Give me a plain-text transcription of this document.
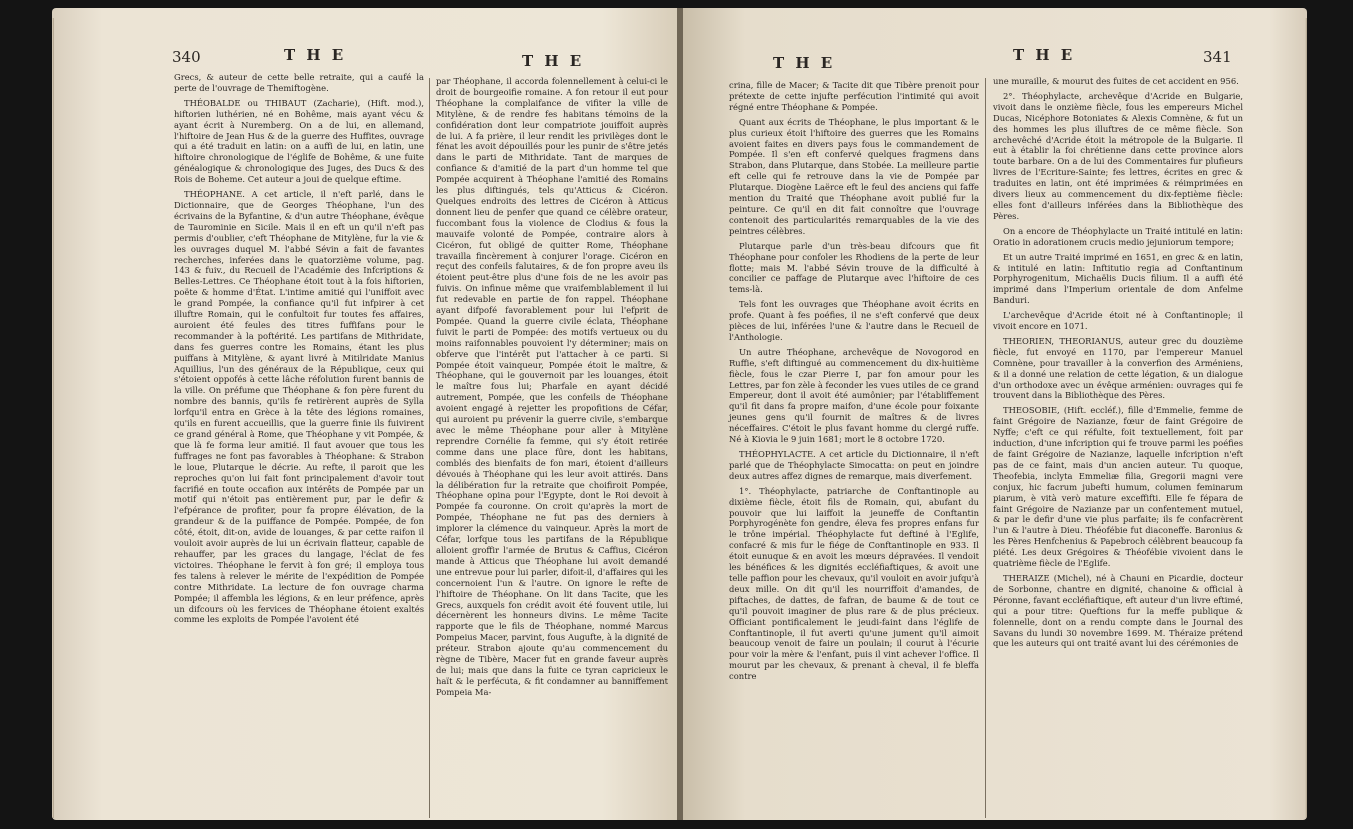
340	T H E	T H E

Grecs, & auteur de cette belle retraite, qui a caufé la perte de l'ouvrage de Themiftogène.

THÉOBALDE ou THIBAUT (Zacharie), (Hift. mod.), hiftorien luthérien, né en Bohême, mais ayant vécu & ayant écrit à Nuremberg. On a de lui, en allemand, l'hiftoire de Jean Hus & de la guerre des Huffites, ouvrage qui a été traduit en latin: on a auffi de lui, en latin, une hiftoire chronologique de l'églife de Bohême, & une fuite généalogique & chronologique des Juges, des Ducs & des Rois de Boheme. Cet auteur a joui de quelque eftime.

THÉOPHANE. A cet article, il n'eft parlé, dans le Dictionnaire, que de Georges Théophane, l'un des écrivains de la Byfantine, & d'un autre Théophane, évêque de Taurominie en Sicile. Mais il en eft un qu'il n'eft pas permis d'oublier, c'eft Théophane de Mitylène, fur la vie & les ouvrages duquel M. l'abbé Sévin a fait de favantes recherches, inferées dans le quatorzième volume, pag. 143 & fuiv., du Recueil de l'Académie des Infcriptions & Belles-Lettres. Ce Théophane étoit tout à la fois hiftorien, poëte & homme d'État. L'intime amitié qui l'uniffoit avec le grand Pompée, la confiance qu'il fut infpirer à cet illuftre Romain, qui le confultoit fur toutes fes affaires, auroient été feules des titres fuffifans pour le recommander à la poftérité. Les partifans de Mithridate, dans fes guerres contre les Romains, étant les plus puiffans à Mitylène, & ayant livré à Mitilridate Manius Aquillius, l'un des généraux de la République, ceux qui s'étoient oppofés à cette lâche réfolution furent bannis de la ville. On préfume que Théophane & fon père furent du nombre des bannis, qu'ils fe retirèrent auprès de Sylla lorfqu'il entra en Grèce à la tête des légions romaines, qu'ils en furent accueillis, que la guerre finie ils fuivirent ce grand général à Rome, que Théophane y vit Pompée, & que là fe forma leur amitié. Il faut avouer que tous les fuffrages ne font pas favorables à Théophane: & Strabon le loue, Plutarque le décrie. Au refte, il paroit que les reproches qu'on lui fait font principalement d'avoir tout facrifié en toute occafion aux intérêts de Pompée par un motif qui n'étoit pas entièrement pur, par le defir & l'efpérance de profiter, pour fa propre élévation, de la grandeur & de la puiffance de Pompée. Pompée, de fon côté, étoit, dit-on, avide de louanges, & par cette raifon il vouloit avoir auprès de lui un écrivain flatteur, capable de rehauffer, par les graces du langage, l'éclat de fes victoires. Théophane le fervit à fon gré; il employa tous fes talens à relever le mérite de l'expédition de Pompée contre Mithridate. La lecture de fon ouvrage charma Pompée; il affembla les légions, & en leur préfence, après un difcours où les fervices de Théophane étoient exaltés comme les exploits de Pompée l'avoient été

par Théophane, il accorda folennellement à celui-ci le droit de bourgeoifie romaine. A fon retour il eut pour Théophane la complaifance de vifiter la ville de Mitylène, & de rendre fes habitans témoins de la confidération dont leur compatriote jouiffoit auprès de lui. A fa prière, il leur rendit les privilèges dont le fénat les avoit dépouillés pour les punir de s'être jetés dans le parti de Mithridate. Tant de marques de confiance & d'amitié de la part d'un homme tel que Pompée acquirent à Théophane l'amitié des Romains les plus diftingués, tels qu'Atticus & Cicéron. Quelques endroits des lettres de Cicéron à Atticus donnent lieu de penfer que quand ce célèbre orateur, fuccombant fous la violence de Clodius & fous la mauvaife volonté de Pompée, contraire alors à Cicéron, fut obligé de quitter Rome, Théophane travailla fincèrement à conjurer l'orage. Cicéron en reçut des confeils falutaires, & de fon propre aveu ils étoient peut-être plus d'une fois de ne les avoir pas fuivis. On infinue même que vraifemblablement il lui fut redevable en partie de fon rappel. Théophane ayant difpofé favorablement pour lui l'efprit de Pompée. Quand la guerre civile éclata, Théophane fuivit le parti de Pompée: des motifs vertueux ou du moins raifonnables pouvoient l'y déterminer; mais on obferve que l'intérêt put l'attacher à ce parti. Si Pompée étoit vainqueur, Pompée étoit le maître, & Théophane, qui le gouvernoit par les louanges, étoit le maître fous lui; Pharfale en ayant décidé autrement, Pompée, que les confeils de Théophane avoient engagé à rejetter les propofitions de Céfar, qui auroient pu prévenir la guerre civile, s'embarque avec le même Théophane pour aller à Mitylène reprendre Cornélie fa femme, qui s'y étoit retirée comme dans une place fûre, dont les habitans, comblés des bienfaits de fon mari, étoient d'ailleurs dévoués à Théophane qui les leur avoit attirés. Dans la délibération fur la retraite que choifiroit Pompée, Théophane opina pour l'Egypte, dont le Roi devoit à Pompée fa couronne. On croit qu'après la mort de Pompée, Théophane ne fut pas des derniers à implorer la clémence du vainqueur. Après la mort de Céfar, lorfque tous les partifans de la République alloient groffir l'armée de Brutus & Caffius, Cicéron mande à Atticus que Théophane lui avoit demandé une entrevue pour lui parler, difoit-il, d'affaires qui les concernoient l'un & l'autre. On ignore le refte de l'hiftoire de Théophane. On lit dans Tacite, que les Grecs, auxquels fon crédit avoit été fouvent utile, lui décernèrent les honneurs divins. Le même Tacite rapporte que le fils de Théophane, nommé Marcus Pompeius Macer, parvint, fous Augufte, à la dignité de préteur. Strabon ajoute qu'au commencement du règne de Tibère, Macer fut en grande faveur auprès de lui; mais que dans la fuite ce tyran capricieux le haït & le perfécuta, & fit condamner au banniffement Pompeia Ma-

T H E	T H E	341

crina, fille de Macer; & Tacite dit que Tibère prenoit pour prétexte de cette injufte perfécution l'intimité qui avoit régné entre Théophane & Pompée.

Quant aux écrits de Théophane, le plus important & le plus curieux étoit l'hiftoire des guerres que les Romains avoient faites en divers pays fous le commandement de Pompée. Il s'en eft confervé quelques fragmens dans Strabon, dans Plutarque, dans Stobée. La meilleure partie eft celle qui fe retrouve dans la vie de Pompée par Plutarque. Diogène Laërce eft le feul des anciens qui faffe mention du Traité que Théophane avoit publié fur la peinture. Ce qu'il en dit fait connoître que l'ouvrage contenoit des particularités remarquables de la vie des peintres célèbres.

Plutarque parle d'un très-beau difcours que fit Théophane pour confoler les Rhodiens de la perte de leur flotte; mais M. l'abbé Sévin trouve de la difficulté à concilier ce paffage de Plutarque avec l'hiftoire de ces tems-là.

Tels font les ouvrages que Théophane avoit écrits en profe. Quant à fes poéfies, il ne s'eft confervé que deux pièces de lui, inférées l'une & l'autre dans le Recueil de l'Anthologie.

Un autre Théophane, archevêque de Novogorod en Ruffie, s'eft diftingué au commencement du dix-huitième fiècle, fous le czar Pierre I, par fon amour pour les Lettres, par fon zèle à feconder les vues utiles de ce grand Empereur, dont il avoit été aumônier; par l'établiffement qu'il fit dans fa propre maifon, d'une école pour foixante jeunes gens qu'il fournit de maîtres & de livres néceffaires. C'étoit le plus favant homme du clergé ruffe. Né à Kiovia le 9 juin 1681; mort le 8 octobre 1720.

THÉOPHYLACTE. A cet article du Dictionnaire, il n'eft parlé que de Théophylacte Simocatta: on peut en joindre deux autres affez dignes de remarque, mais diverfement.

1°. Théophylacte, patriarche de Conftantinople au dixième fiècle, étoit fils de Romain, qui, abufant du pouvoir que lui laiffoit la jeuneffe de Conftantin Porphyrogénète fon gendre, éleva fes propres enfans fur le trône impérial. Théophylacte fut deftiné à l'Eglife, confacré & mis fur le fiége de Conftantinople en 933. Il étoit eunuque & en avoit les mœurs dépravées. Il vendoit les bénéfices & les dignités eccléfiaftiques, & avoit une telle paffion pour les chevaux, qu'il vouloit en avoir jufqu'à deux mille. On dit qu'il les nourriffoit d'amandes, de piftaches, de dattes, de fafran, de baume & de tout ce qu'il pouvoit imaginer de plus rare & de plus précieux. Officiant pontificalement le jeudi-faint dans l'églife de Conftantinople, il fut averti qu'une jument qu'il aimoit beaucoup venoit de faire un poulain; il courut à l'écurie pour voir la mère & l'enfant, puis il vint achever l'office. Il mourut par les chevaux, & prenant à cheval, il fe bleffa contre

une muraille, & mourut des fuites de cet accident en 956.

2°. Théophylacte, archevêque d'Acride en Bulgarie, vivoit dans le onzième fiècle, fous les empereurs Michel Ducas, Nicéphore Botoniates & Alexis Comnène, & fut un des hommes les plus illuftres de ce même fiècle. Son archevêché d'Acride étoit la métropole de la Bulgarie. Il eut à établir la foi chrétienne dans cette province alors toute barbare. On a de lui des Commentaires fur plufieurs livres de l'Ecriture-Sainte; fes lettres, écrites en grec & traduites en latin, ont été imprimées & réimprimées en divers lieux au commencement du dix-feptième fiècle: elles font d'ailleurs inférées dans la Bibliothèque des Pères.

On a encore de Théophylacte un Traité intitulé en latin: Oratio in adorationem crucis medio jejuniorum tempore;

Et un autre Traité imprimé en 1651, en grec & en latin, & intitulé en latin: Inftitutio regia ad Conftantinum Porphyrogenitum, Michaëlis Ducis filium. Il a auffi été imprimé dans l'Imperium orientale de dom Anfelme Banduri.

L'archevêque d'Acride étoit né à Conftantinople; il vivoit encore en 1071.

THEORIEN, THEORIANUS, auteur grec du douzième fiècle, fut envoyé en 1170, par l'empereur Manuel Comnène, pour travailler à la converfion des Arméniens, & il a donné une relation de cette légation, & un dialogue d'un orthodoxe avec un évêque arménien: ouvrages qui fe trouvent dans la Bibliothèque des Pères.

THEOSOBIE, (Hift. eccléf.), fille d'Emmelie, femme de faint Grégoire de Nazianze, fœur de faint Grégoire de Nyffe; c'eft ce qui réfulte, foit textuellement, foit par induction, d'une infcription qui fe trouve parmi les poéfies de faint Grégoire de Nazianze, laquelle infcription n'eft pas de ce faint, mais d'un ancien auteur. Tu quoque, Theofebia, inclyta Emmeliæ filia, Gregorii magni vere conjux, hic facrum jubefti humum, columen feminarum piarum, è vità verò mature exceffifti. Elle fe fépara de faint Grégoire de Nazianze par un confentement mutuel, & par le defir d'une vie plus parfaite; ils fe confacrèrent l'un & l'autre à Dieu. Théofébie fut diaconeffe. Baronius & les Pères Henfchenius & Papebroch célèbrent beaucoup fa piété. Les deux Grégoires & Théofébie vivoient dans le quatrième fiècle de l'Eglife.

THERAIZE (Michel), né à Chauni en Picardie, docteur de Sorbonne, chantre en dignité, chanoine & official à Péronne, favant eccléfiaftique, eft auteur d'un livre eftimé, qui a pour titre: Queftions fur la meffe publique & folennelle, dont on a rendu compte dans le Journal des Savans du lundi 30 novembre 1699. M. Théraize prétend que les auteurs qui ont traité avant lui des cérémonies de
